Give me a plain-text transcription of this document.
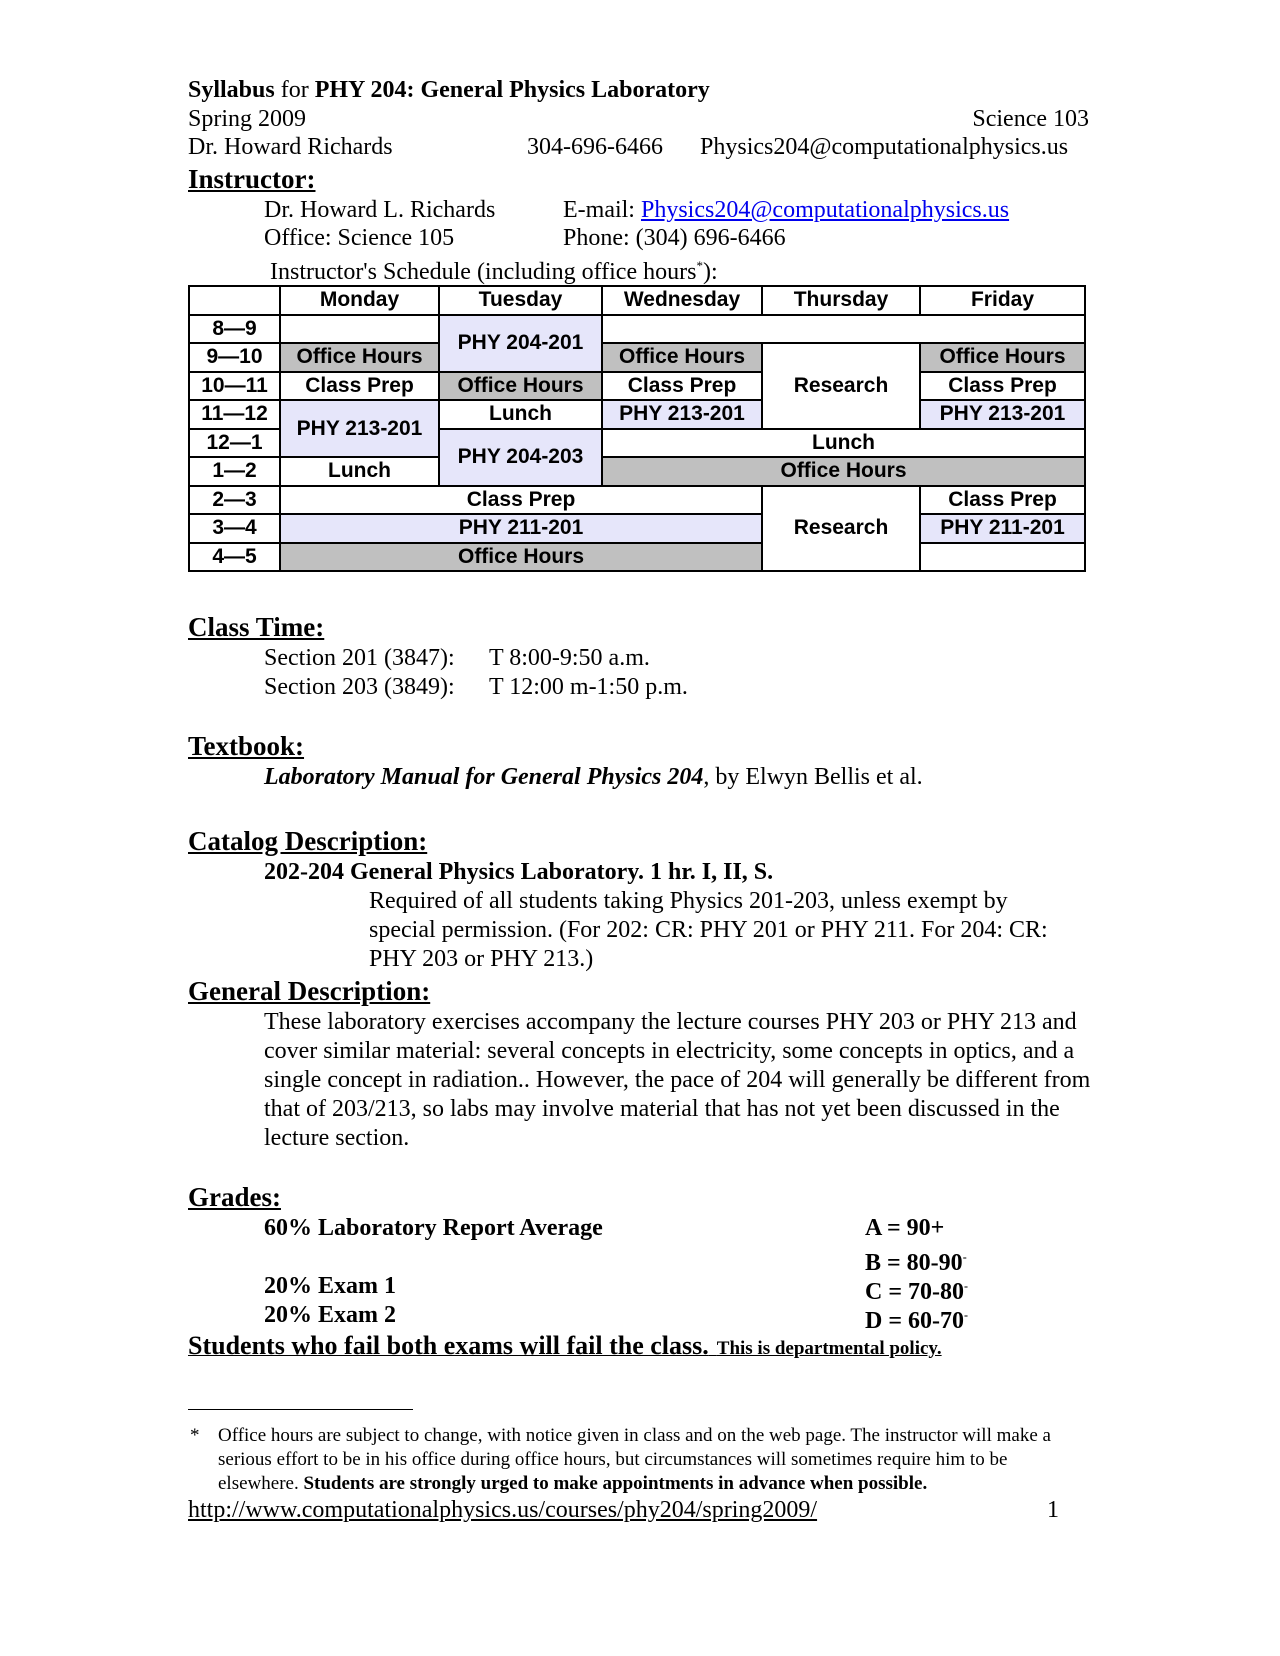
Syllabus for PHY 204: General Physics Laboratory
Spring 2009	Science 103
Dr. Howard Richards	304-696-6466 Physics204@computationalphysics.us
Instructor:
Dr. Howard L. Richards	E-mail: Physics204@computationalphysics.us
Office: Science 105	Phone: (304) 696-6466
Instructor's Schedule (including office hours*):
	Monday	Tuesday	Wednesday	Thursday	Friday
8—9		PHY 204-201			
9—10	Office Hours		Office Hours	Research	Office Hours
10—11	Class Prep	Office Hours	Class Prep		Class Prep
11—12	PHY 213-201	Lunch	PHY 213-201		PHY 213-201
12—1		PHY 204-203	Lunch		
1—2	Lunch		Office Hours		
2—3	Class Prep			Research	Class Prep
3—4	PHY 211-201				PHY 211-201
4—5	Office Hours				
Class Time:
Section 201 (3847): T 8:00-9:50 a.m.
Section 203 (3849): T 12:00 m-1:50 p.m.
Textbook:
Laboratory Manual for General Physics 204, by Elwyn Bellis et al.
Catalog Description:
202-204 General Physics Laboratory. 1 hr. I, II, S.
Required of all students taking Physics 201-203, unless exempt by special permission. (For 202: CR: PHY 201 or PHY 211. For 204: CR: PHY 203 or PHY 213.)
General Description:
These laboratory exercises accompany the lecture courses PHY 203 or PHY 213 and cover similar material: several concepts in electricity, some concepts in optics, and a single concept in radiation.. However, the pace of 204 will generally be different from that of 203/213, so labs may involve material that has not yet been discussed in the lecture section.
Grades:
60% Laboratory Report Average
20% Exam 1
20% Exam 2
A = 90+
B = 80-90-
C = 70-80-
D = 60-70-
Students who fail both exams will fail the class. This is departmental policy.
* Office hours are subject to change, with notice given in class and on the web page. The instructor will make a serious effort to be in his office during office hours, but circumstances will sometimes require him to be elsewhere. Students are strongly urged to make appointments in advance when possible.
http://www.computationalphysics.us/courses/phy204/spring2009/	1
